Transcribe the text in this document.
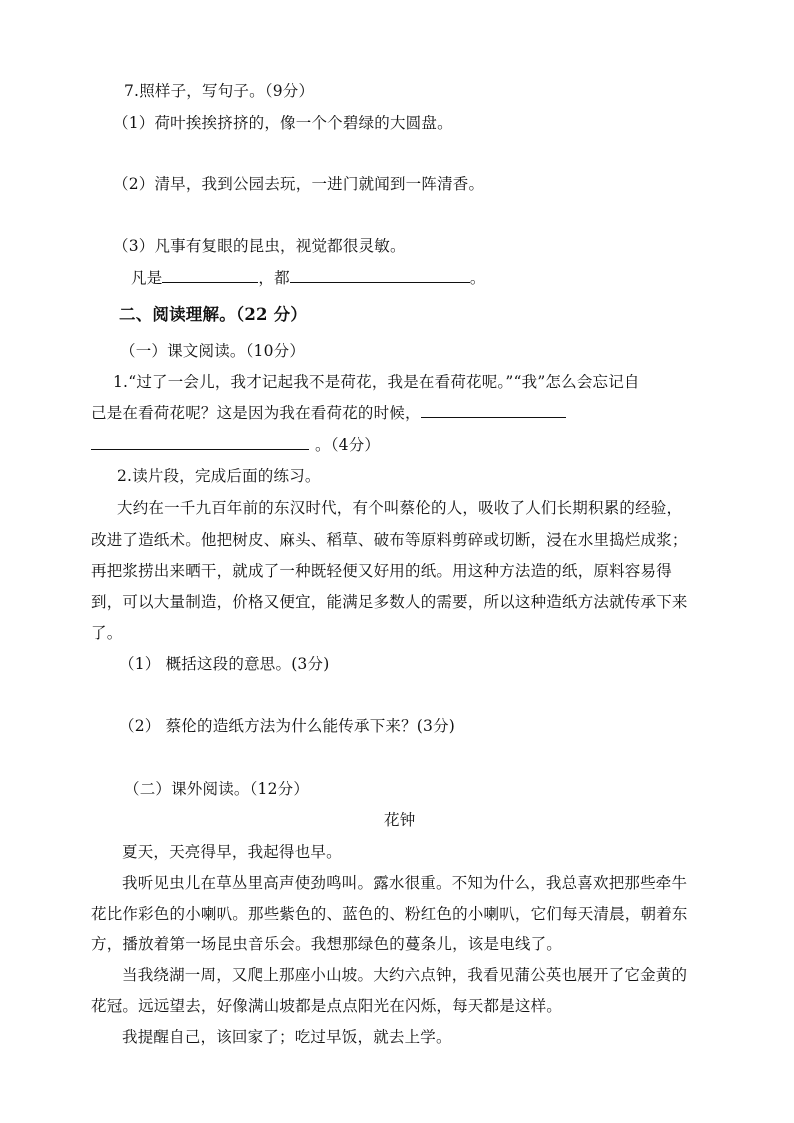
7.照样子，写句子。（9分）
（1）荷叶挨挨挤挤的，像一个个碧绿的大圆盘。
（2）清早，我到公园去玩，一进门就闻到一阵清香。
（3）凡事有复眼的昆虫，视觉都很灵敏。
凡是	，都	。
二、阅读理解。（22 分）
（一）课文阅读。（10分）
1.“过了一会儿，我才记起我不是荷花，我是在看荷花呢。”“我”怎么会忘记自
己是在看荷花呢？这是因为我在看荷花的时候，
。（4分）
2.读片段，完成后面的练习。
大约在一千九百年前的东汉时代，有个叫蔡伦的人，吸收了人们长期积累的经验，
改进了造纸术。他把树皮、麻头、稻草、破布等原料剪碎或切断，浸在水里捣烂成浆；
再把浆捞出来晒干，就成了一种既轻便又好用的纸。用这种方法造的纸，原料容易得
到，可以大量制造，价格又便宜，能满足多数人的需要，所以这种造纸方法就传承下来
了。
（1） 概括这段的意思。(3分)
（2） 蔡伦的造纸方法为什么能传承下来？(3分)
（二）课外阅读。（12分）
花钟
夏天，天亮得早，我起得也早。
我听见虫儿在草丛里高声使劲鸣叫。露水很重。不知为什么，我总喜欢把那些牵牛
花比作彩色的小喇叭。那些紫色的、蓝色的、粉红色的小喇叭，它们每天清晨，朝着东
方，播放着第一场昆虫音乐会。我想那绿色的蔓条儿，该是电线了。
当我绕湖一周，又爬上那座小山坡。大约六点钟，我看见蒲公英也展开了它金黄的
花冠。远远望去，好像满山坡都是点点阳光在闪烁，每天都是这样。
我提醒自己，该回家了；吃过早饭，就去上学。
